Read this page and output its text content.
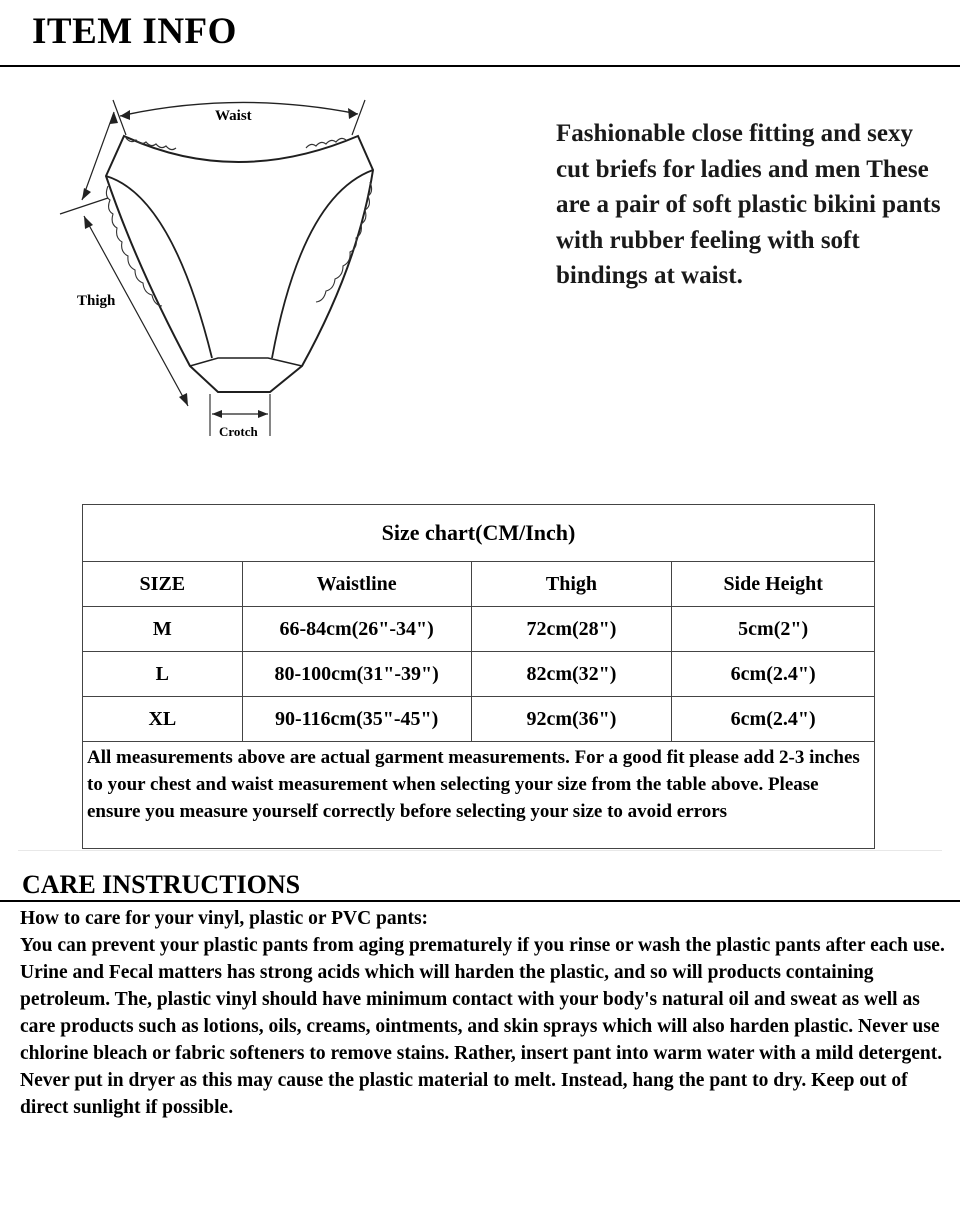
ITEM INFO
Waist
Thigh
Crotch

Fashionable close fitting and sexy cut briefs for ladies and men These are a pair of soft plastic bikini pants with rubber feeling with soft bindings at waist.

Size chart(CM/Inch)			
SIZE	Waistline	Thigh	Side Height
M	66-84cm(26"-34")	72cm(28")	5cm(2")
L	80-100cm(31"-39")	82cm(32")	6cm(2.4")
XL	90-116cm(35"-45")	92cm(36")	6cm(2.4")
All measurements above are actual garment measurements. For a good fit please add 2-3 inches to your chest and waist measurement when selecting your size from the table above. Please ensure you measure yourself correctly before selecting your size to avoid errors			
CARE INSTRUCTIONS

How to care for your vinyl, plastic or PVC pants:

You can prevent your plastic pants from aging prematurely if you rinse or wash the plastic pants after each use. Urine and Fecal matters has strong acids which will harden the plastic, and so will products containing petroleum. The, plastic vinyl should have minimum contact with your body's natural oil and sweat as well as care products such as lotions, oils, creams, ointments, and skin sprays which will also harden plastic. Never use chlorine bleach or fabric softeners to remove stains. Rather, insert pant into warm water with a mild detergent. Never put in dryer as this may cause the plastic material to melt. Instead, hang the pant to dry. Keep out of direct sunlight if possible.
